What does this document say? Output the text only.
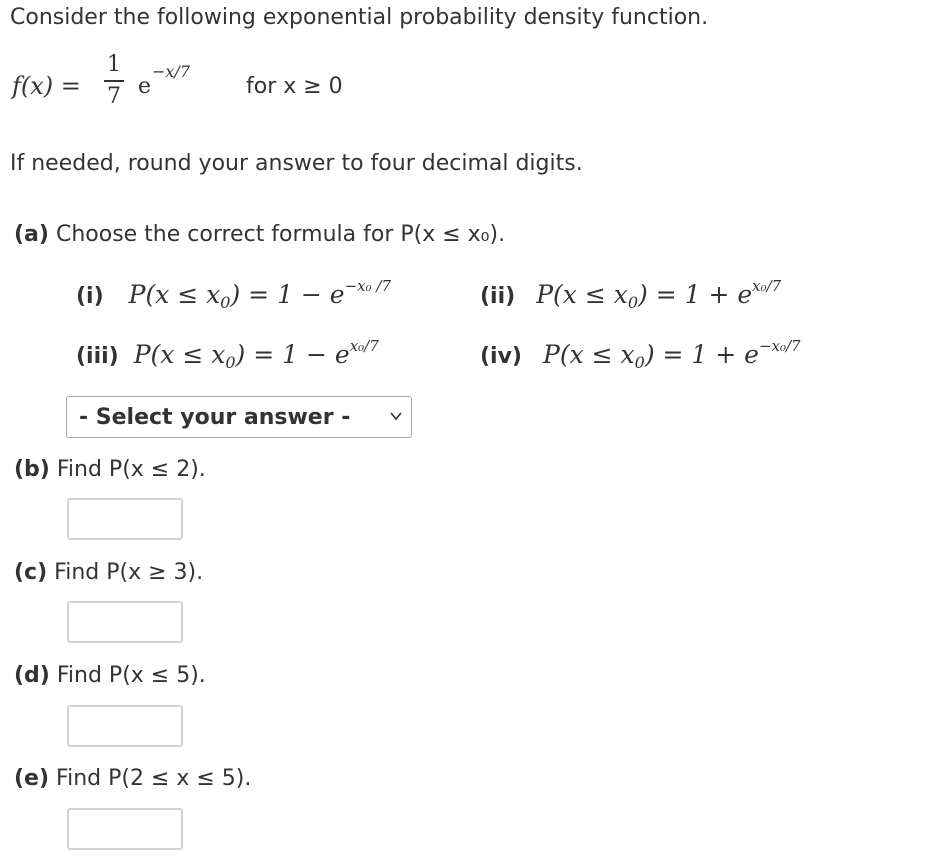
Consider the following exponential probability density function.
f(x) =
1
7 e
−x/7
for x ≥ 0
If needed, round your answer to four decimal digits.
(a) Choose the correct formula for P(x ≤ x₀).
(i) $P(x \le x_0) = 1 - e^{-x_0 /7}$	(ii) $P(x \le x_0) = 1 + e^{x_0/7}$
(iii) $P(x \le x_0) = 1 - e^{x_0/7}$	(iv) $P(x \le x_0) = 1 + e^{-x_0/7}$
- Select your answer -
(b) Find P(x ≤ 2).
(c) Find P(x ≥ 3).
(d) Find P(x ≤ 5).
(e) Find P(2 ≤ x ≤ 5).
